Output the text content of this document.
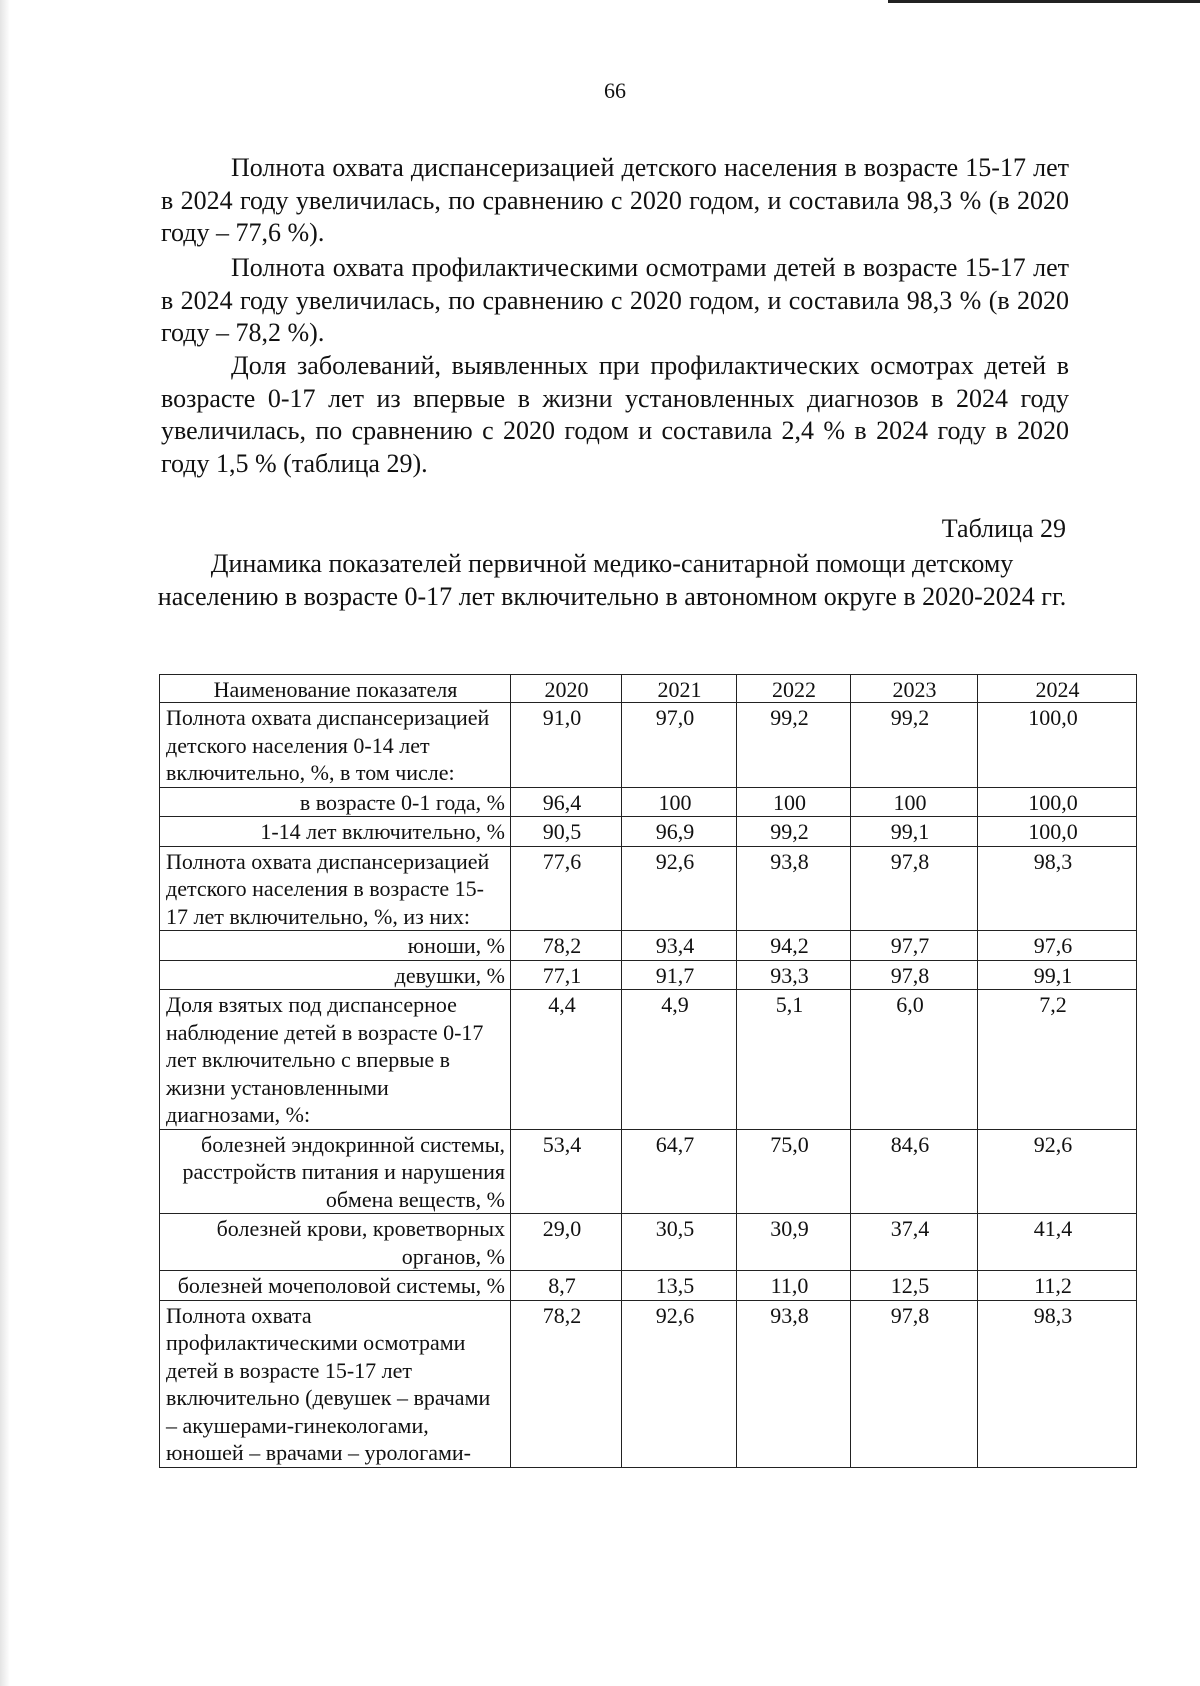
66

Полнота охвата диспансеризацией детского населения в возрасте 15-17 лет в 2024 году увеличилась, по сравнению с 2020 годом, и составила 98,3 % (в 2020 году – 77,6 %).

Полнота охвата профилактическими осмотрами детей в возрасте 15-17 лет в 2024 году увеличилась, по сравнению с 2020 годом, и составила 98,3 % (в 2020 году – 78,2 %).

Доля заболеваний, выявленных при профилактических осмотрах детей в возрасте 0-17 лет из впервые в жизни установленных диагнозов в 2024 году увеличилась, по сравнению с 2020 годом и составила 2,4 % в 2024 году в 2020 году 1,5 % (таблица 29).

Таблица 29
Динамика показателей первичной медико-санитарной помощи детскому населению в возрасте 0-17 лет включительно в автономном округе в 2020-2024 гг.
Наименование показателя	2020	2021	2022	2023	2024
Полнота охвата диспансеризацией детского населения 0-14 лет включительно, %, в том числе:	91,0	97,0	99,2	99,2	100,0
в возрасте 0-1 года, %	96,4	100	100	100	100,0
1-14 лет включительно, %	90,5	96,9	99,2	99,1	100,0
Полнота охвата диспансеризацией детского населения в возрасте 15-17 лет включительно, %, из них:	77,6	92,6	93,8	97,8	98,3
юноши, %	78,2	93,4	94,2	97,7	97,6
девушки, %	77,1	91,7	93,3	97,8	99,1
Доля взятых под диспансерное наблюдение детей в возрасте 0-17 лет включительно с впервые в жизни установленными диагнозами, %:	4,4	4,9	5,1	6,0	7,2
болезней эндокринной системы, расстройств питания и нарушения обмена веществ, %	53,4	64,7	75,0	84,6	92,6
болезней крови, кроветворных органов, %	29,0	30,5	30,9	37,4	41,4
болезней мочеполовой системы, %	8,7	13,5	11,0	12,5	11,2
Полнота охвата профилактическими осмотрами детей в возрасте 15-17 лет включительно (девушек – врачами – акушерами-гинекологами, юношей – врачами – урологами-	78,2	92,6	93,8	97,8	98,3
